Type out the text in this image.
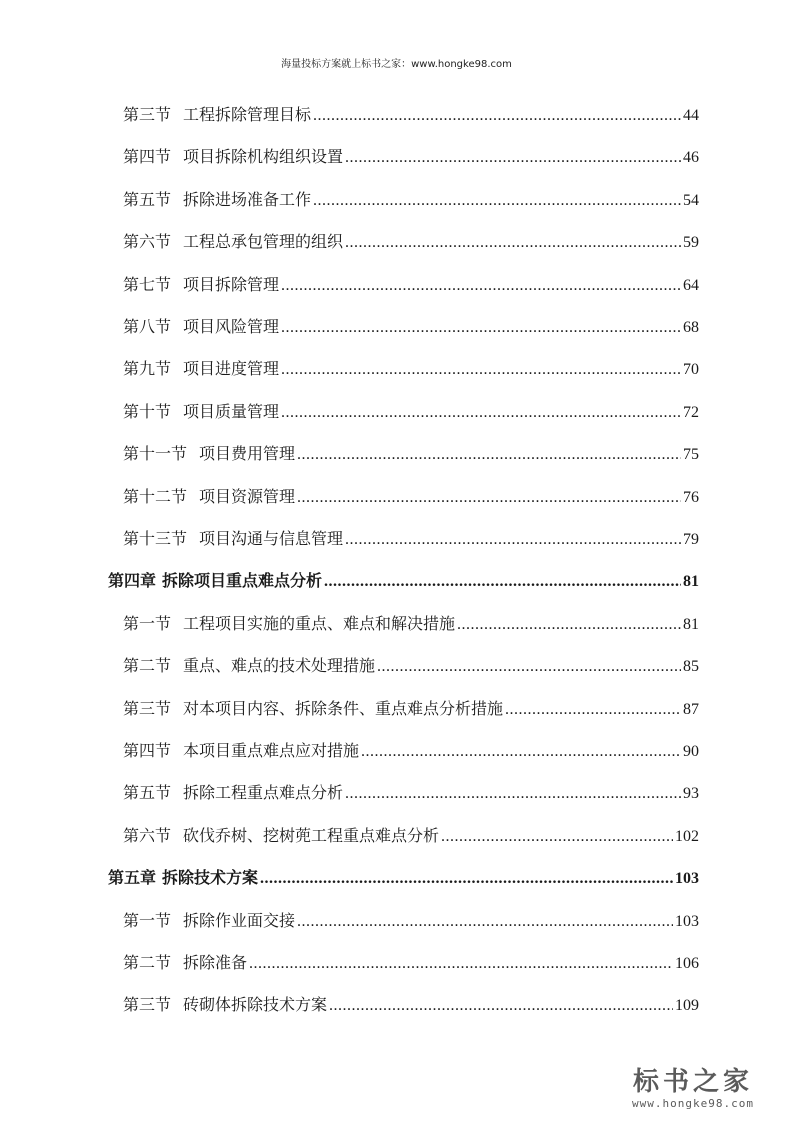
海量投标方案就上标书之家：www.hongke98.com
第三节 工程拆除管理目标 .....	44
第四节 项目拆除机构组织设置 .....	46
第五节 拆除进场准备工作 .....	54
第六节 工程总承包管理的组织 .....	59
第七节 项目拆除管理 .....	64
第八节 项目风险管理 .....	68
第九节 项目进度管理 .....	70
第十节 项目质量管理 .....	72
第十一节 项目费用管理 .....	75
第十二节 项目资源管理 .....	76
第十三节 项目沟通与信息管理 .....	79
第四章 拆除项目重点难点分析 .....	81
第一节 工程项目实施的重点、难点和解决措施 .....	81
第二节 重点、难点的技术处理措施 .....	85
第三节 对本项目内容、拆除条件、重点难点分析措施 .....	87
第四节 本项目重点难点应对措施 .....	90
第五节 拆除工程重点难点分析 .....	93
第六节 砍伐乔树、挖树蔸工程重点难点分析 .....	102
第五章 拆除技术方案 .....	103
第一节 拆除作业面交接 .....	103
第二节 拆除准备 .....	106
第三节 砖砌体拆除技术方案 .....	109
标书之家
www.hongke98.com
